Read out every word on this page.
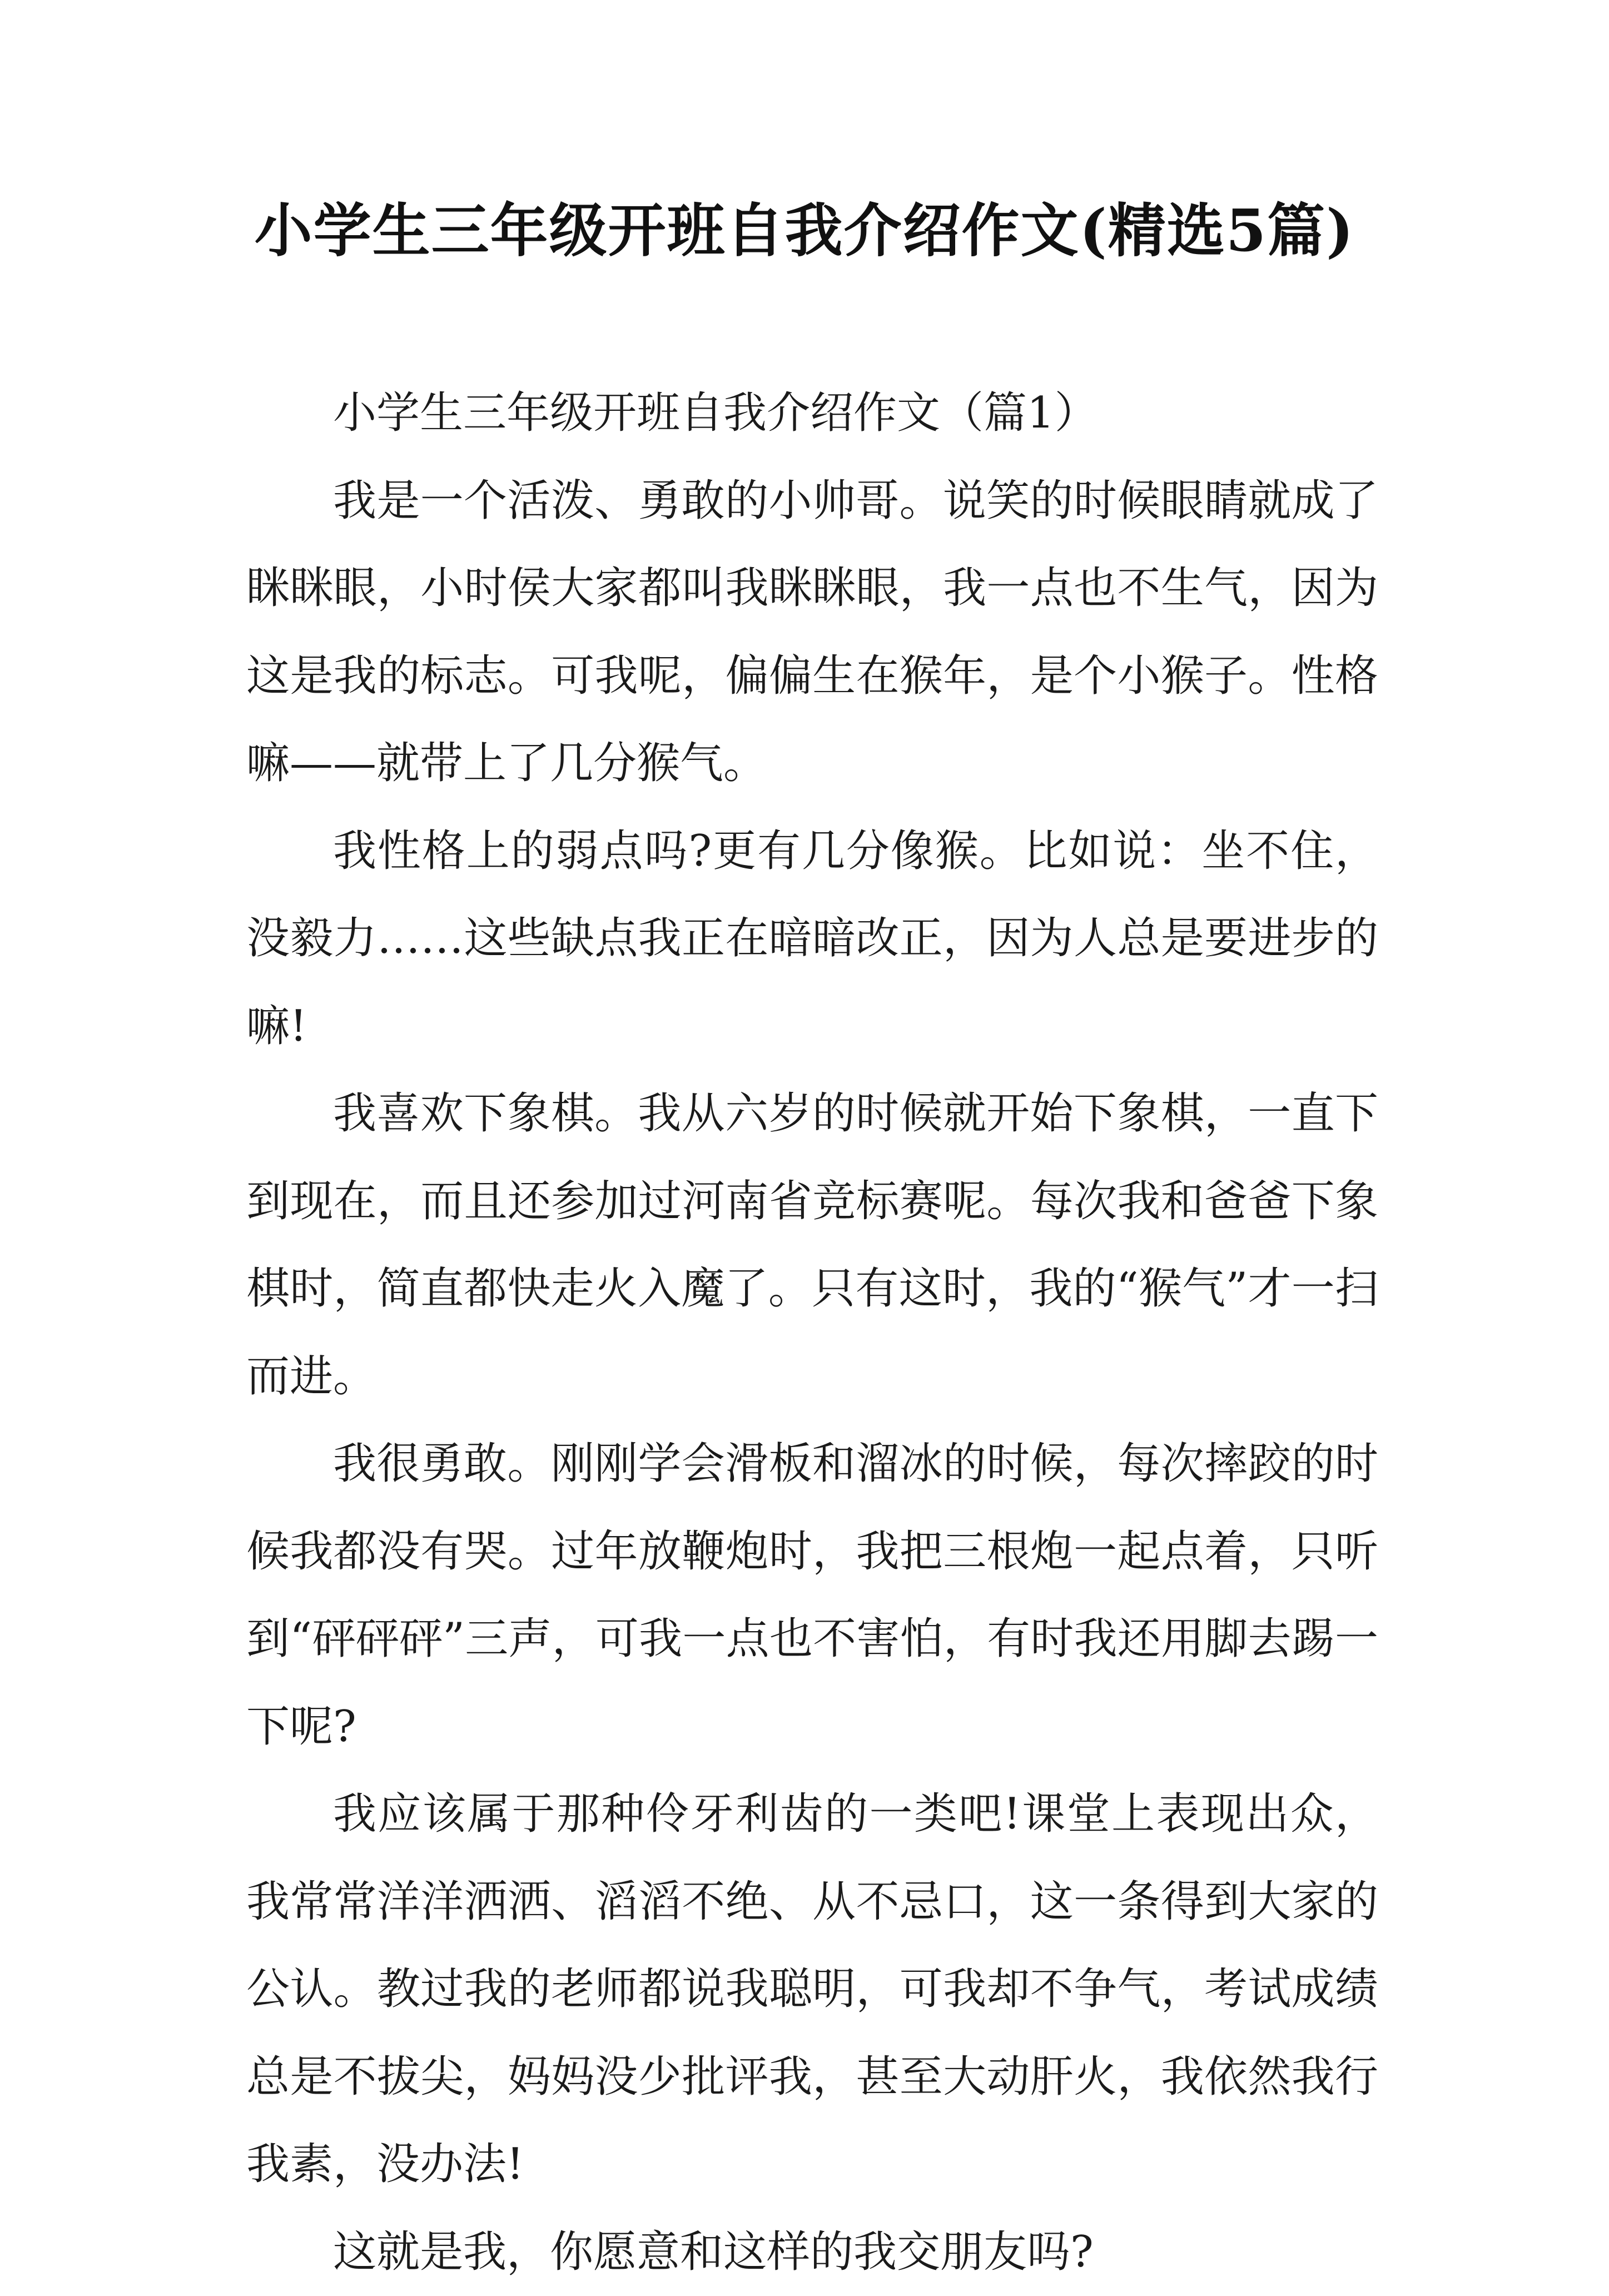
小学生三年级开班自我介绍作文(精选5篇)

小学生三年级开班自我介绍作文（篇1）

我是一个活泼、勇敢的小帅哥。说笑的时候眼睛就成了眯眯眼，小时侯大家都叫我眯眯眼，我一点也不生气，因为这是我的标志。可我呢，偏偏生在猴年，是个小猴子。性格嘛——就带上了几分猴气。

我性格上的弱点吗?更有几分像猴。比如说：坐不住，没毅力……这些缺点我正在暗暗改正，因为人总是要进步的嘛!

我喜欢下象棋。我从六岁的时候就开始下象棋，一直下到现在，而且还参加过河南省竞标赛呢。每次我和爸爸下象棋时，简直都快走火入魔了。只有这时，我的“猴气”才一扫而进。

我很勇敢。刚刚学会滑板和溜冰的时候，每次摔跤的时候我都没有哭。过年放鞭炮时，我把三根炮一起点着，只听到“砰砰砰”三声，可我一点也不害怕，有时我还用脚去踢一下呢?

我应该属于那种伶牙利齿的一类吧!课堂上表现出众，我常常洋洋洒洒、滔滔不绝、从不忌口，这一条得到大家的公认。教过我的老师都说我聪明，可我却不争气，考试成绩总是不拔尖，妈妈没少批评我，甚至大动肝火，我依然我行我素，没办法!

这就是我，你愿意和这样的我交朋友吗?
